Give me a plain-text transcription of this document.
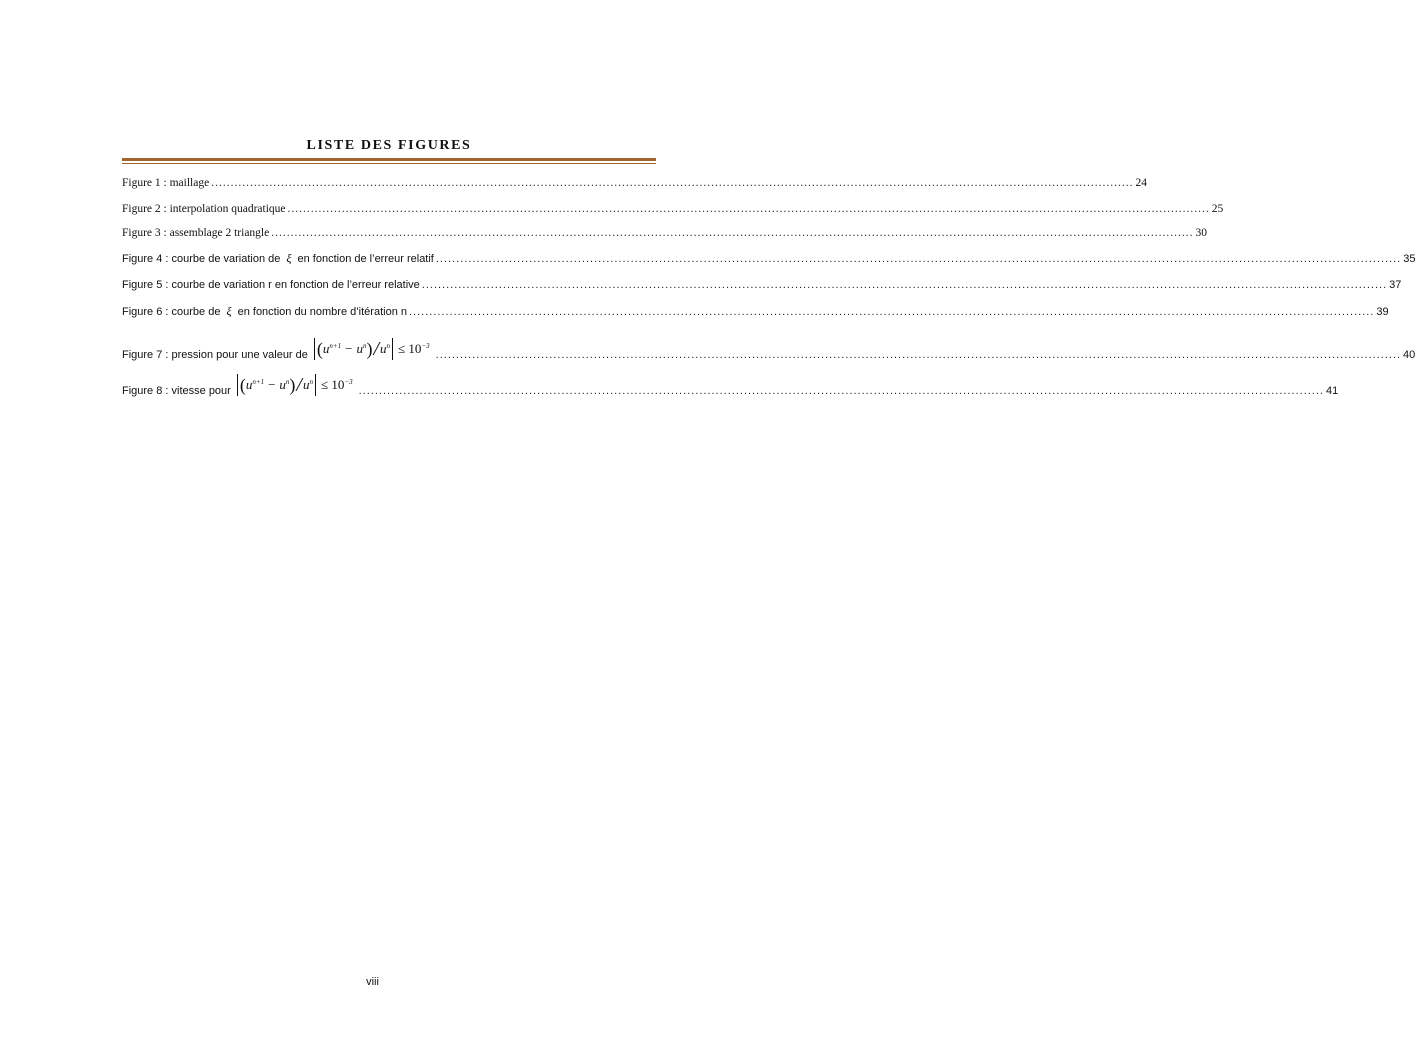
LISTE DES FIGURES
Figure 1 : maillage .............................................................................................................................................................................................................................................. 24
Figure 2 : interpolation quadratique .............................................................................................................................................................................................................................................. 25
Figure 3 : assemblage 2 triangle .............................................................................................................................................................................................................................................. 30
Figure 4 : courbe de variation de ξ en fonction de l’erreur relatif .............................................................................................................................................................................................................................................. 35
Figure 5 : courbe de variation r en fonction de l’erreur relative .............................................................................................................................................................................................................................................. 37
Figure 6 : courbe de ξ en fonction du nombre d’itération n .............................................................................................................................................................................................................................................. 39
Figure 7 : pression pour une valeur de ( $u^{n+1} - u^n$ ) / $u^n \le 10^{-3}$
.............................................................................................................................................................................................................................................. 40
Figure 8 : vitesse pour ( $u^{n+1} - u^n$ ) / $u^n \le 10^{-3}$
.............................................................................................................................................................................................................................................. 41
viii
